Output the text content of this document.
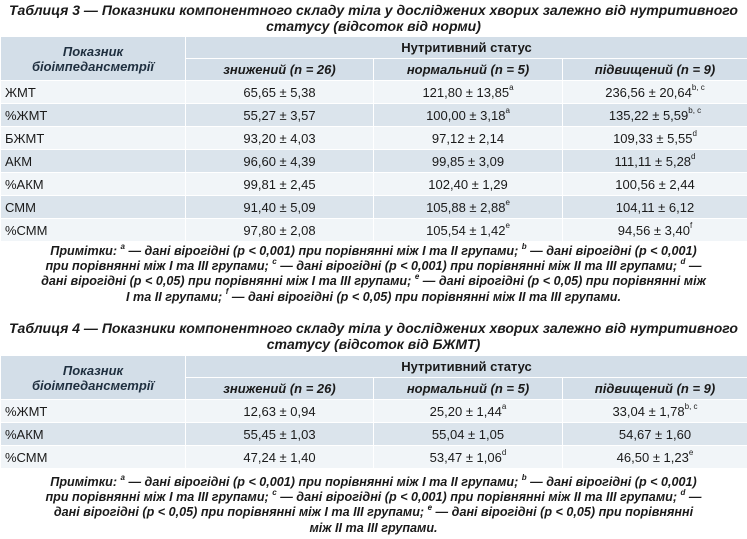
Таблиця 3 — Показники компонентного складу тіла у досліджених хворих залежно від нутритивного
статусу (відсоток від норми)
Показник
біоімпедансметрії	Нутритивний статус		
	знижений (n = 26)	нормальний (n = 5)	підвищений (n = 9)
ЖМТ	65,65 ± 5,38	121,80 ± 13,85$^a$	$236,56 \pm 20,64^{b, c}$
%ЖМТ	55,27 ± 3,57	100,00 ± 3,18$^a$	$135,22 \pm 5,59^{b, c}$
БЖМТ	93,20 ± 4,03	97,12 ± 2,14	109,33 ± 5,55$^d$
АКМ	96,60 ± 4,39	99,85 ± 3,09	111,11 ± 5,28$^d$
%АКМ	99,81 ± 2,45	102,40 ± 1,29	100,56 ± 2,44
СММ	91,40 ± 5,09	105,88 ± 2,88$^e$	104,11 ± 6,12
%СММ	97,80 ± 2,08	105,54 ± 1,42$^e$	94,56 ± 3,40$^f$
Примітки: $^a$ — дані вірогідні (p < 0,001) при порівнянні між I та II групами; $^b$ — дані вірогідні (p < 0,001)
при порівнянні між I та III групами; $^c$ — дані вірогідні (p < 0,001) при порівнянні між II та III групами; $^d$ —
дані вірогідні (p < 0,05) при порівнянні між I та III групами; $^e$ — дані вірогідні (p < 0,05) при порівнянні між
I та II групами; $^f$ — дані вірогідні (p < 0,05) при порівнянні між II та III групами.
Таблиця 4 — Показники компонентного складу тіла у досліджених хворих залежно від нутритивного
статусу (відсоток від БЖМТ)
Показник
біоімпедансметрії	Нутритивний статус		
	знижений (n = 26)	нормальний (n = 5)	підвищений (n = 9)
%ЖМТ	12,63 ± 0,94	25,20 ± 1,44$^a$	$33,04 \pm 1,78^{b, c}$
%АКМ	55,45 ± 1,03	55,04 ± 1,05	54,67 ± 1,60
%СММ	47,24 ± 1,40	53,47 ± 1,06$^d$	46,50 ± 1,23$^e$
Примітки: $^a$ — дані вірогідні (p < 0,001) при порівнянні між I та II групами; $^b$ — дані вірогідні (p < 0,001)
при порівнянні між I та III групами; $^c$ — дані вірогідні (p < 0,001) при порівнянні між II та III групами; $^d$ —
дані вірогідні (p < 0,05) при порівнянні між I та III групами; $^e$ — дані вірогідні (p < 0,05) при порівнянні
між II та III групами.
